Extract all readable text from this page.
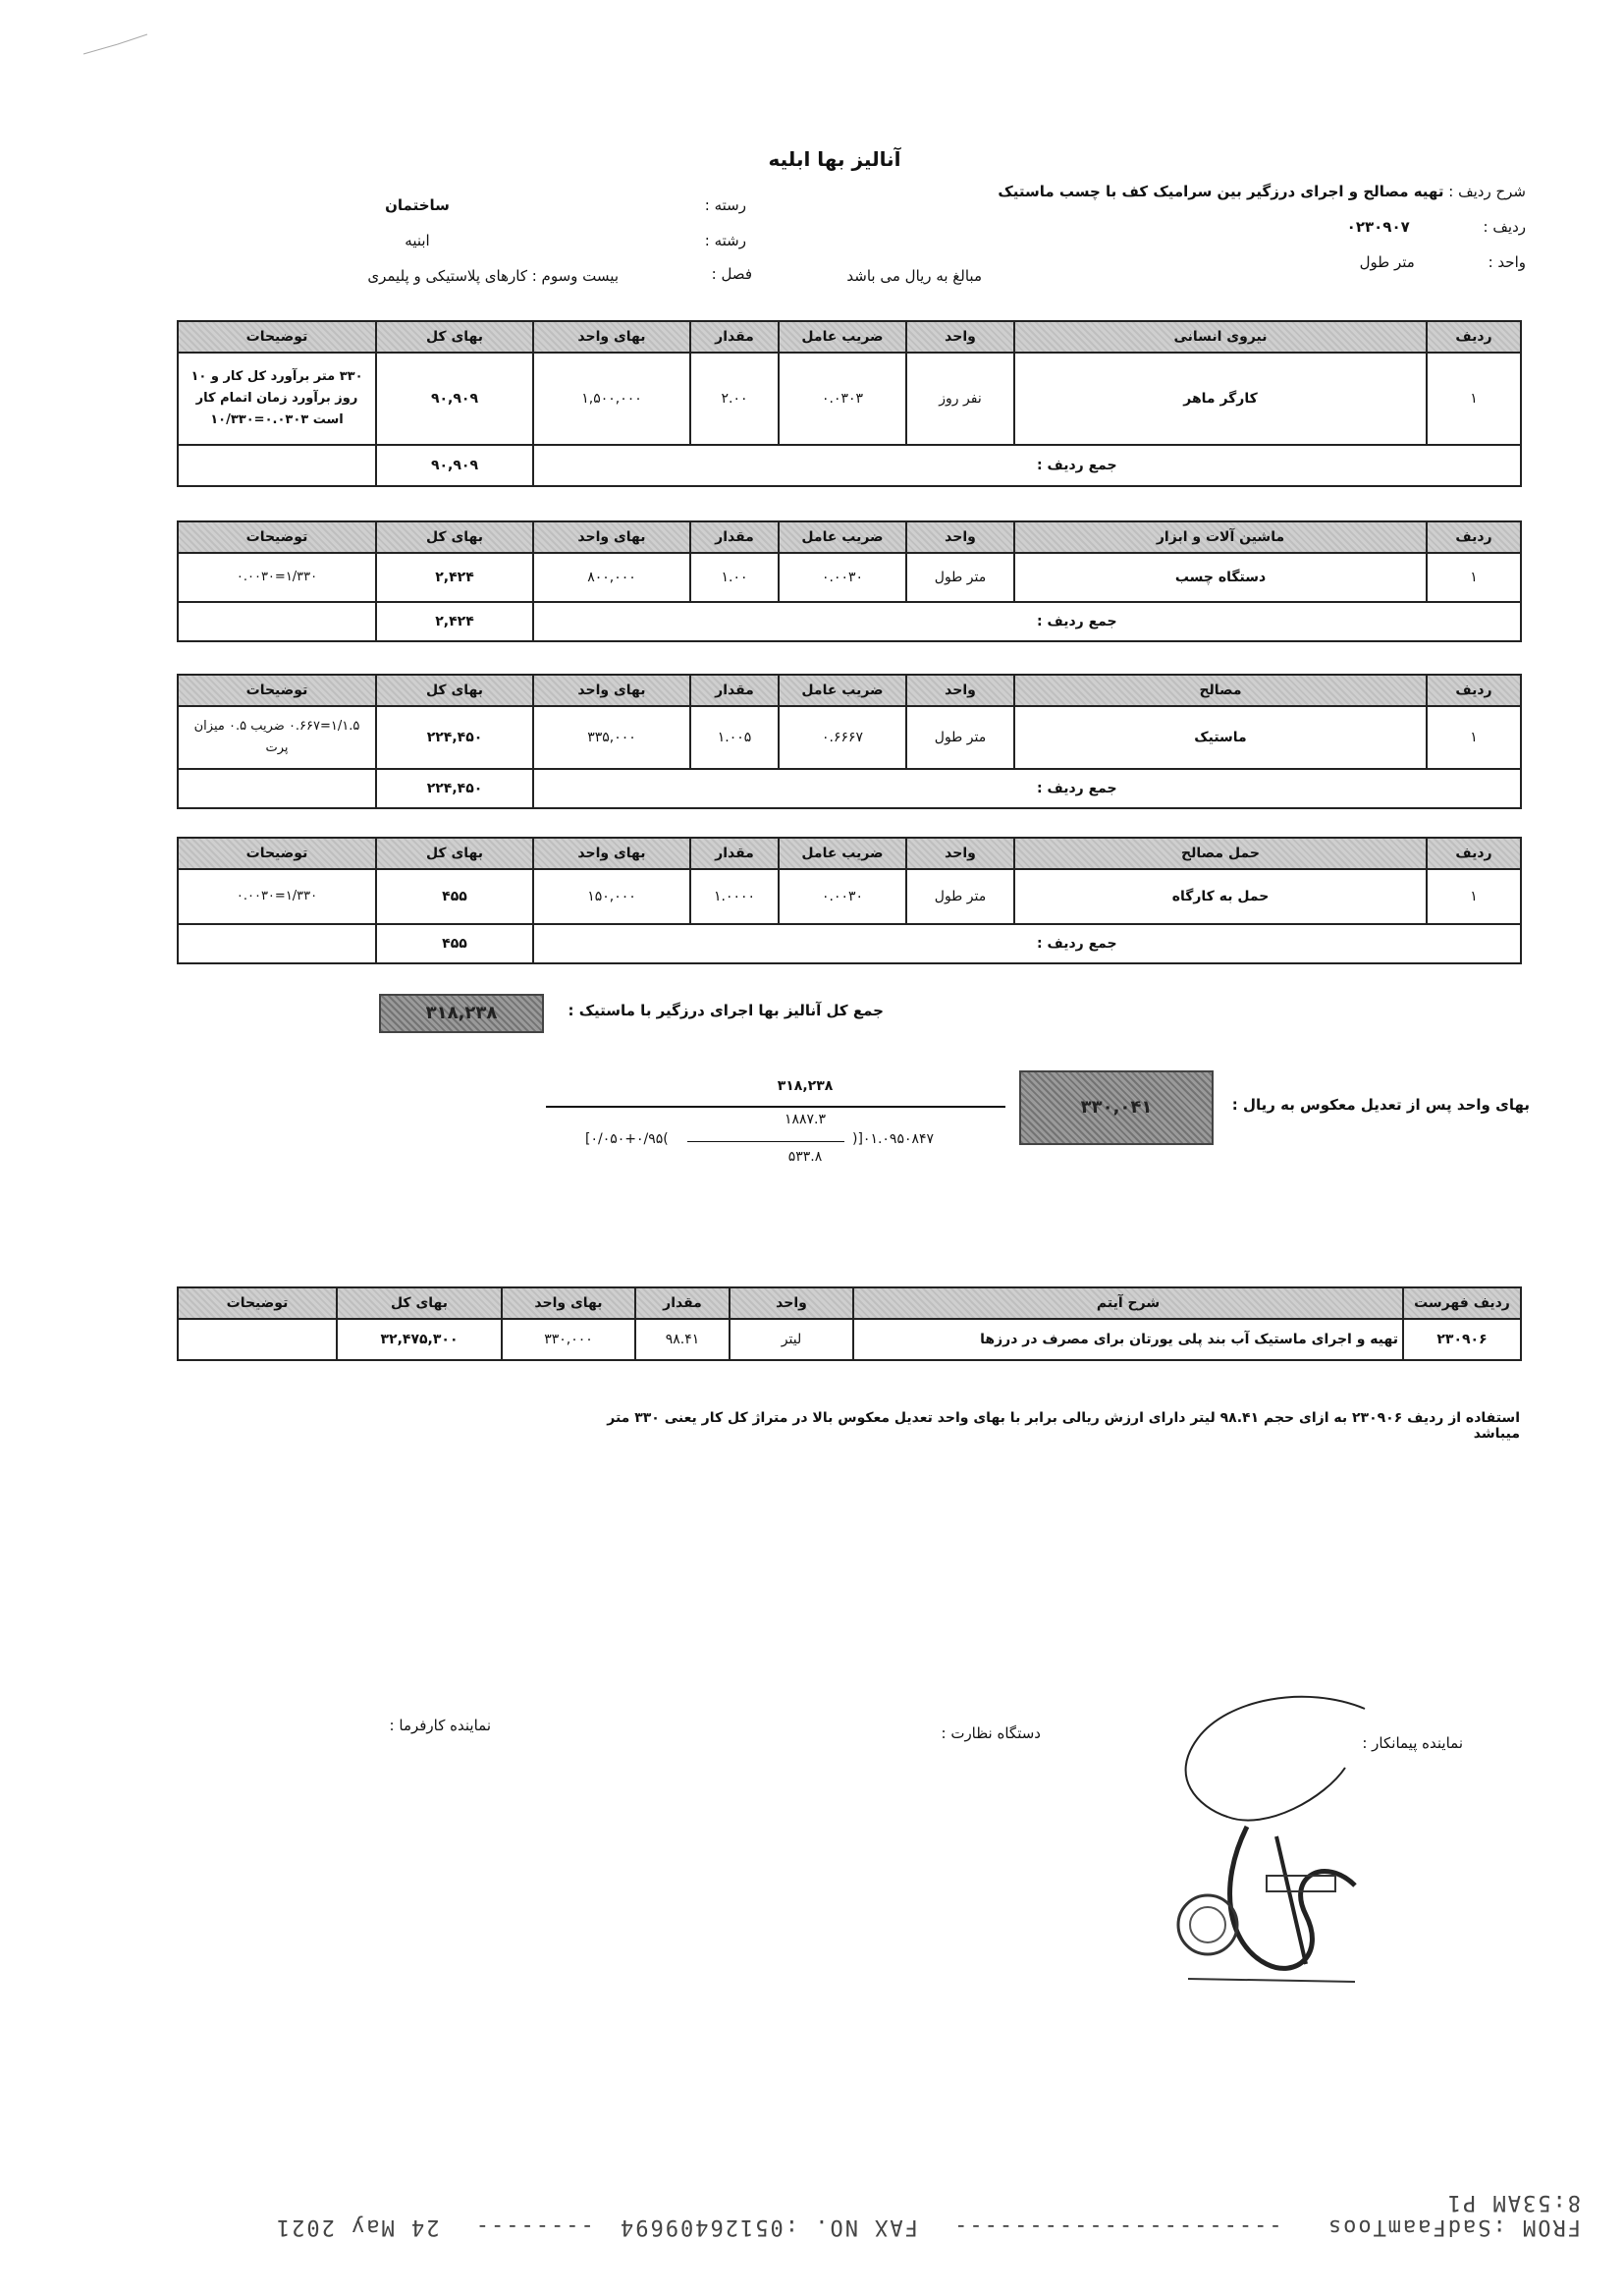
آنالیز بها ابلیه
شرح ردیف : تهیه مصالح و اجرای درزگیر بین سرامیک کف با چسب ماستیک
ردیف : ۰۲۳۰۹۰۷
واحد : متر طول
رسته :
ساختمان
رشته :
ابنیه
مبالغ به ریال می باشد
فصل :
بیست وسوم : کارهای پلاستیکی و پلیمری
ردیف	نیروی انسانی	واحد	ضریب عامل	مقدار	بهای واحد	بهای کل	توضیحات
۱	کارگر ماهر	نفر روز	۰.۰۳۰۳	۲.۰۰	۱,۵۰۰,۰۰۰	۹۰,۹۰۹	۳۳۰ متر برآورد کل کار و ۱۰ روز برآورد زمان اتمام کار است ۰.۰۳۰۳=۱۰/۳۳۰
جمع ردیف :						۹۰,۹۰۹	
ردیف	ماشین آلات و ابزار	واحد	ضریب عامل	مقدار	بهای واحد	بهای کل	توضیحات
۱	دستگاه چسب	متر طول	۰.۰۰۳۰	۱.۰۰	۸۰۰,۰۰۰	۲,۴۲۴	۱/۳۳۰=۰.۰۰۳۰
جمع ردیف :						۲,۴۲۴	
ردیف	مصالح	واحد	ضریب عامل	مقدار	بهای واحد	بهای کل	توضیحات
۱	ماستیک	متر طول	۰.۶۶۶۷	۱.۰۰۵	۳۳۵,۰۰۰	۲۲۴,۴۵۰	۱/۱.۵=۰.۶۶۷ ضریب ۰.۵ میزان پرت
جمع ردیف :						۲۲۴,۴۵۰	
ردیف	حمل مصالح	واحد	ضریب عامل	مقدار	بهای واحد	بهای کل	توضیحات
۱	حمل به کارگاه	متر طول	۰.۰۰۳۰	۱.۰۰۰۰	۱۵۰,۰۰۰	۴۵۵	۱/۳۳۰=۰.۰۰۳۰
جمع ردیف :						۴۵۵	
جمع کل آنالیز بها اجرای درزگیر با ماستیک :
۳۱۸,۲۳۸
بهای واحد پس از تعدیل معکوس به ریال :
۳۳۰,۰۴۱
۳۱۸,۲۳۸
۱۸۸۷.۳
[۰/۰۵۰+۰/۹۵(	)]۰۱.۰۹۵۰۸۴۷
۵۳۳.۸
ردیف فهرست	شرح آیتم	واحد	مقدار	بهای واحد	بهای کل	توضیحات
۲۳۰۹۰۶	تهیه و اجرای ماستیک آب بند پلی یورتان برای مصرف در درزها	لیتر	۹۸.۴۱	۳۳۰,۰۰۰	۳۲,۴۷۵,۳۰۰	
استفاده از ردیف ۲۳۰۹۰۶ به ازای حجم ۹۸.۴۱ لیتر دارای ارزش ریالی برابر با بهای واحد تعدیل معکوس بالا در متراژ کل کار یعنی ۳۳۰ متر میباشد
نماینده کارفرما :	دستگاه نظارت :
نماینده پیمانکار :
FROM :SadFaamToos ---------------------- FAX NO. :05126409694 -------- 24 May 2021 8:53AM P1
